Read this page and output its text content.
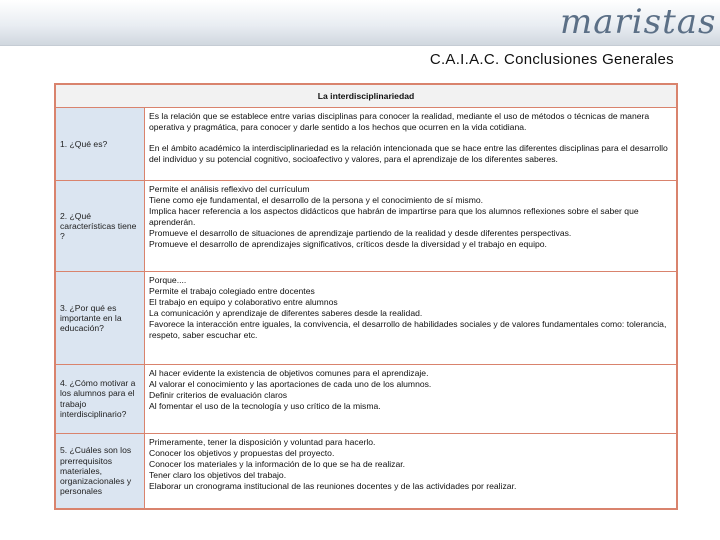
maristas
C.A.I.A.C. Conclusiones Generales
La interdisciplinariedad	
1. ¿Qué es?	Es la relación que se establece entre varias disciplinas para conocer la realidad, mediante el uso de métodos o técnicas de manera operativa y pragmática, para conocer y darle sentido a los hechos que ocurren en la vida cotidiana.

En el ámbito académico la interdisciplinariedad es la relación intencionada que se hace entre las diferentes disciplinas para el desarrollo del individuo y su potencial cognitivo, socioafectivo y valores, para el aprendizaje de los diferentes saberes.

2. ¿Qué características tiene ?	Permite el análisis reflexivo del currículum

Tiene como eje fundamental, el desarrollo de la persona y el conocimiento de sí mismo.

Implica hacer referencia a los aspectos didácticos que habrán de impartirse para que los alumnos reflexiones sobre el saber que aprenderán.

Promueve el desarrollo de situaciones de aprendizaje partiendo de la realidad y desde diferentes perspectivas.

Promueve el desarrollo de aprendizajes significativos, críticos desde la diversidad y el trabajo en equipo.

3. ¿Por qué es importante en la educación?	Porque....

Permite el trabajo colegiado entre docentes

El trabajo en equipo y colaborativo entre alumnos

La comunicación y aprendizaje de diferentes saberes desde la realidad.

Favorece la interacción entre iguales, la convivencia, el desarrollo de habilidades sociales y de valores fundamentales como: tolerancia, respeto, saber escuchar etc.

4. ¿Cómo motivar a los alumnos para el trabajo interdisciplinario?	Al hacer evidente la existencia de objetivos comunes para el aprendizaje.

Al valorar el conocimiento y las aportaciones de cada uno de los alumnos.

Definir criterios de evaluación claros

Al fomentar el uso de la tecnología y uso crítico de la misma.

5. ¿Cuáles son los prerrequisitos materiales, organizacionales y personales	Primeramente, tener la disposición y voluntad para hacerlo.

Conocer los objetivos y propuestas del proyecto.

Conocer los materiales y la información de lo que se ha de realizar.

Tener claro los objetivos del trabajo.

Elaborar un cronograma institucional de las reuniones docentes y de las actividades por realizar.
